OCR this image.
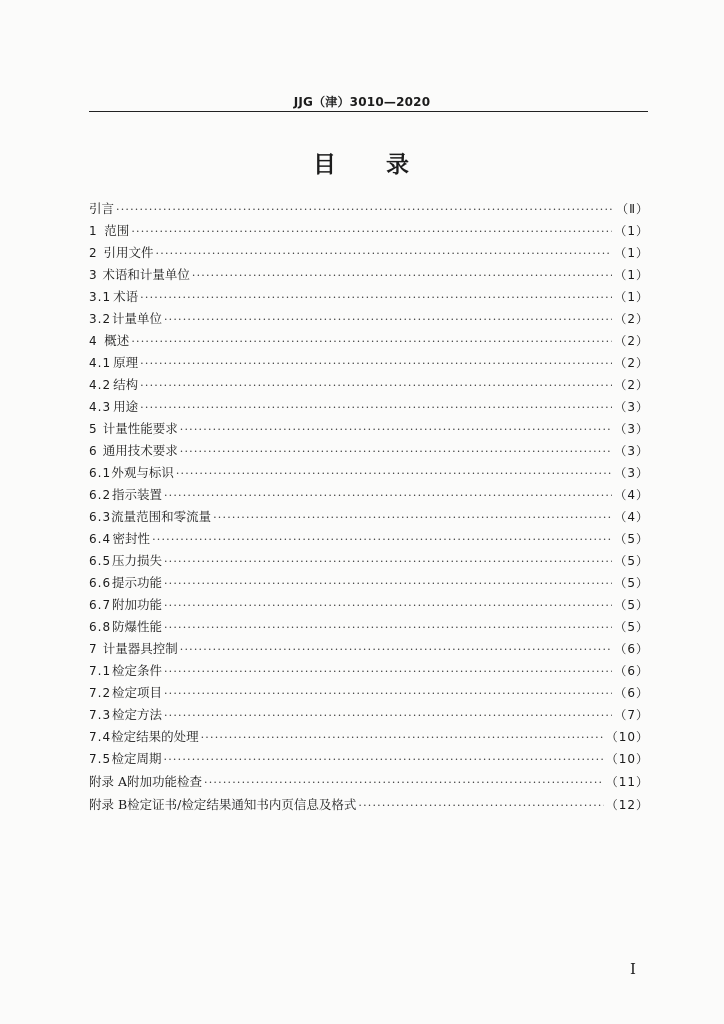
JJG（津）3010—2020
目 录
引言 ·····	（Ⅱ）
1 范围 ·····	（1）
2 引用文件 ·····	（1）
3 术语和计量单位 ·····	（1）
3.1 术语 ·····	（1）
3.2 计量单位 ·····	（2）
4 概述 ·····	（2）
4.1 原理 ·····	（2）
4.2 结构 ·····	（2）
4.3 用途 ·····	（3）
5 计量性能要求 ·····	（3）
6 通用技术要求 ·····	（3）
6.1 外观与标识 ·····	（3）
6.2 指示装置 ·····	（4）
6.3 流量范围和零流量 ·····	（4）
6.4 密封性 ·····	（5）
6.5 压力损失 ·····	（5）
6.6 提示功能 ·····	（5）
6.7 附加功能 ·····	（5）
6.8 防爆性能 ·····	（5）
7 计量器具控制 ·····	（6）
7.1 检定条件 ·····	（6）
7.2 检定项目 ·····	（6）
7.3 检定方法 ·····	（7）
7.4 检定结果的处理 ·····	（10）
7.5 检定周期 ·····	（10）
附录 A 附加功能检查 ·····	（11）
附录 B 检定证书/检定结果通知书内页信息及格式 ·····	（12）
I
